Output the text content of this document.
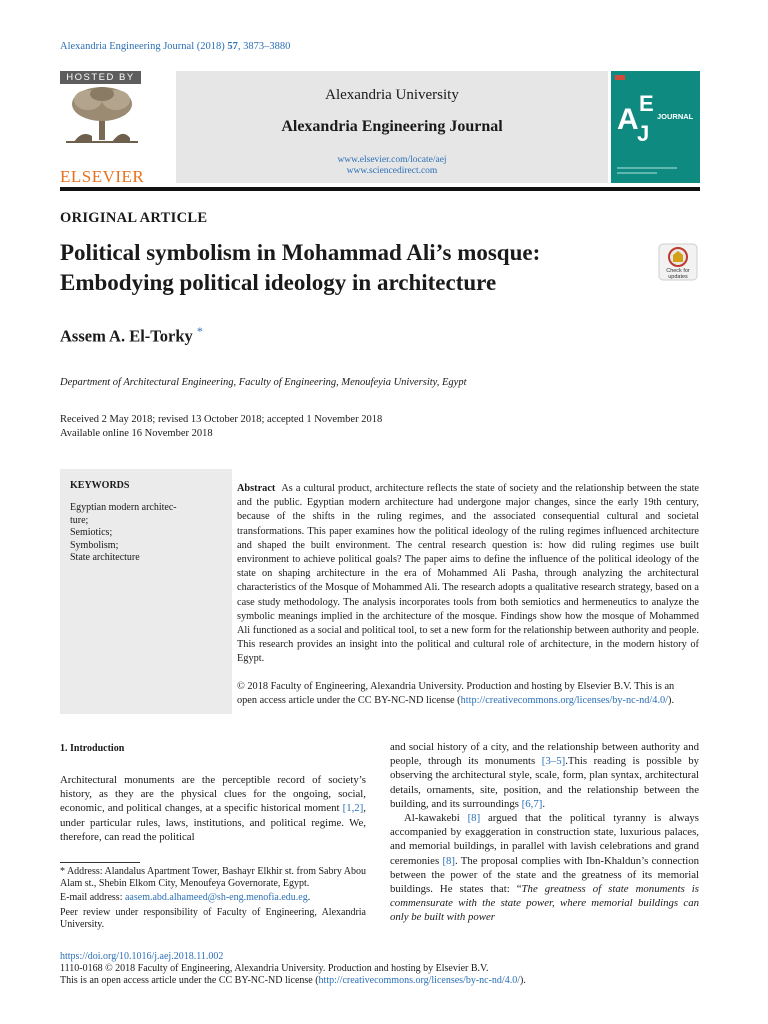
Alexandria Engineering Journal (2018) 57, 3873–3880
HOSTED BY
ELSEVIER
Alexandria University
Alexandria Engineering Journal
www.elsevier.com/locate/aej
www.sciencedirect.com
A E
J
JOURNAL
ORIGINAL ARTICLE
Political symbolism in Mohammad Ali’s mosque:
Embodying political ideology in architecture	Check for
updates
Assem A. El-Torky *
Department of Architectural Engineering, Faculty of Engineering, Menoufeyia University, Egypt
Received 2 May 2018; revised 13 October 2018; accepted 1 November 2018
Available online 16 November 2018
KEYWORDS
Egyptian modern architec-
ture;
Semiotics;
Symbolism;
State architecture
Abstract As a cultural product, architecture reflects the state of society and the relationship between the state and the public. Egyptian modern architecture had undergone major changes, since the early 19th century, because of the shifts in the ruling regimes, and the associated consequential cultural and societal transformations. This paper examines how the political ideology of the ruling regimes influenced architecture and shaped the built environment. The central research question is: how did ruling regimes use built environment to achieve political goals? The paper aims to define the influence of the political ideology of the state on shaping architecture in the era of Mohammed Ali Pasha, through analyzing the architectural characteristics of the Mosque of Mohammed Ali. The research adopts a qualitative research strategy, based on a case study methodology. The analysis incorporates tools from both semiotics and hermeneutics to analyze the symbolic meanings implied in the architecture of the mosque. Findings show how the mosque of Mohammed Ali functioned as a social and political tool, to set a new form for the relationship between authority and people. This research provides an insight into the political and cultural role of architecture, in the modern history of Egypt.
© 2018 Faculty of Engineering, Alexandria University. Production and hosting by Elsevier B.V. This is an
open access article under the CC BY-NC-ND license (http://creativecommons.org/licenses/by-nc-nd/4.0/).
1. Introduction

Architectural monuments are the perceptible record of society’s history, as they are the physical clues for the ongoing, social, economic, and political changes, at a specific historical moment [1,2], under particular rules, laws, institutions, and political regime. We, therefore, can read the political

and social history of a city, and the relationship between authority and people, through its monuments [3–5].This reading is possible by observing the architectural style, scale, form, plan syntax, architectural details, ornaments, site, position, and the relationship between the building, and its surroundings [6,7].

Al-kawakebi [8] argued that the political tyranny is always accompanied by exaggeration in construction state, luxurious palaces, and memorial buildings, in parallel with lavish celebrations and grand ceremonies [8]. The proposal complies with Ibn-Khaldun’s connection between the power of the state and the greatness of its memorial buildings. He states that: “The greatness of state monuments is commensurate with the state power, where memorial buildings can only be built with power

* Address: Alandalus Apartment Tower, Bashayr Elkhir st. from Sabry Abou Alam st., Shebin Elkom City, Menoufeya Governorate, Egypt.

E-mail address: aasem.abd.alhameed@sh-eng.menofia.edu.eg.

Peer review under responsibility of Faculty of Engineering, Alexandria University.

https://doi.org/10.1016/j.aej.2018.11.002
1110-0168 © 2018 Faculty of Engineering, Alexandria University. Production and hosting by Elsevier B.V.
This is an open access article under the CC BY-NC-ND license (http://creativecommons.org/licenses/by-nc-nd/4.0/).
